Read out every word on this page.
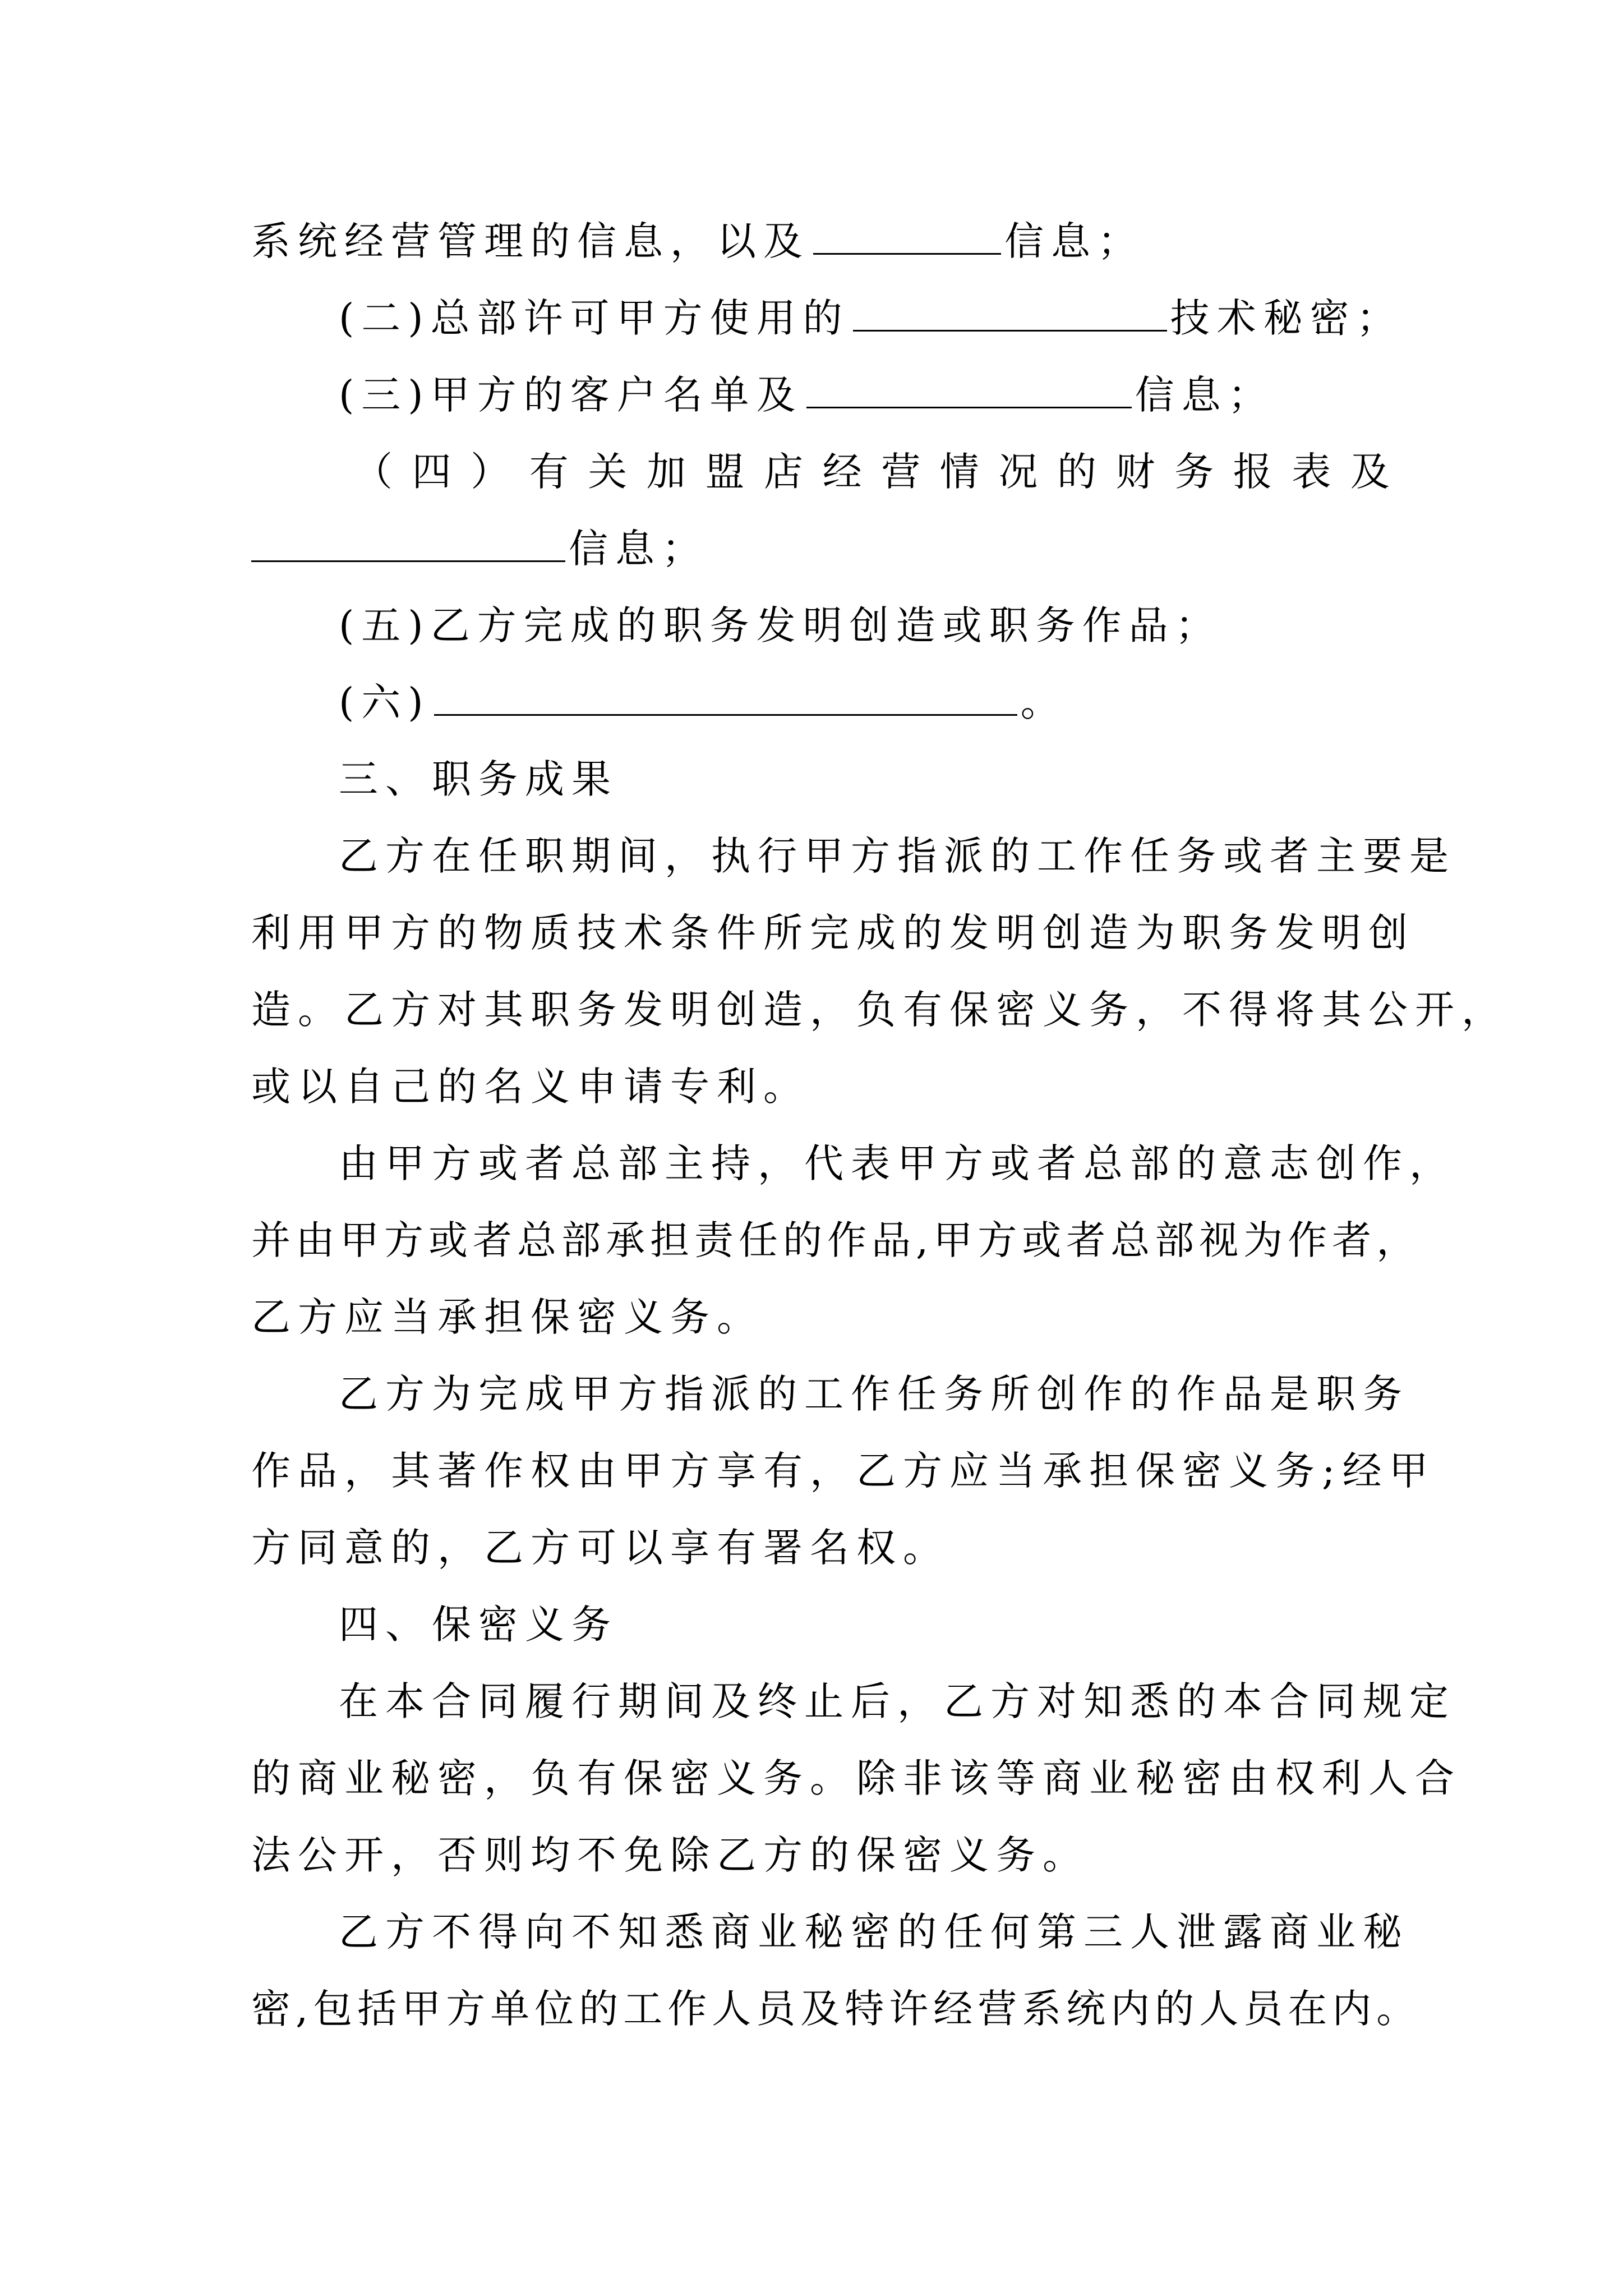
系统经营管理的信息，以及	信息；
(二)总部许可甲方使用的	技术秘密；
(三)甲方的客户名单及	信息；
（ 四 ） 有 关 加 盟 店 经 营 情 况 的 财 务 报 表 及
信息；
(五)乙方完成的职务发明创造或职务作品；
(六)	。
三、职务成果
乙方在任职期间，执行甲方指派的工作任务或者主要是
利用甲方的物质技术条件所完成的发明创造为职务发明创
造。乙方对其职务发明创造，负有保密义务，不得将其公开，
或以自己的名义申请专利。
由甲方或者总部主持，代表甲方或者总部的意志创作，
并由甲方或者总部承担责任的作品,甲方或者总部视为作者，
乙方应当承担保密义务。
乙方为完成甲方指派的工作任务所创作的作品是职务
作品，其著作权由甲方享有，乙方应当承担保密义务;经甲
方同意的，乙方可以享有署名权。
四、保密义务
在本合同履行期间及终止后，乙方对知悉的本合同规定
的商业秘密，负有保密义务。除非该等商业秘密由权利人合
法公开，否则均不免除乙方的保密义务。
乙方不得向不知悉商业秘密的任何第三人泄露商业秘
密,包括甲方单位的工作人员及特许经营系统内的人员在内。
